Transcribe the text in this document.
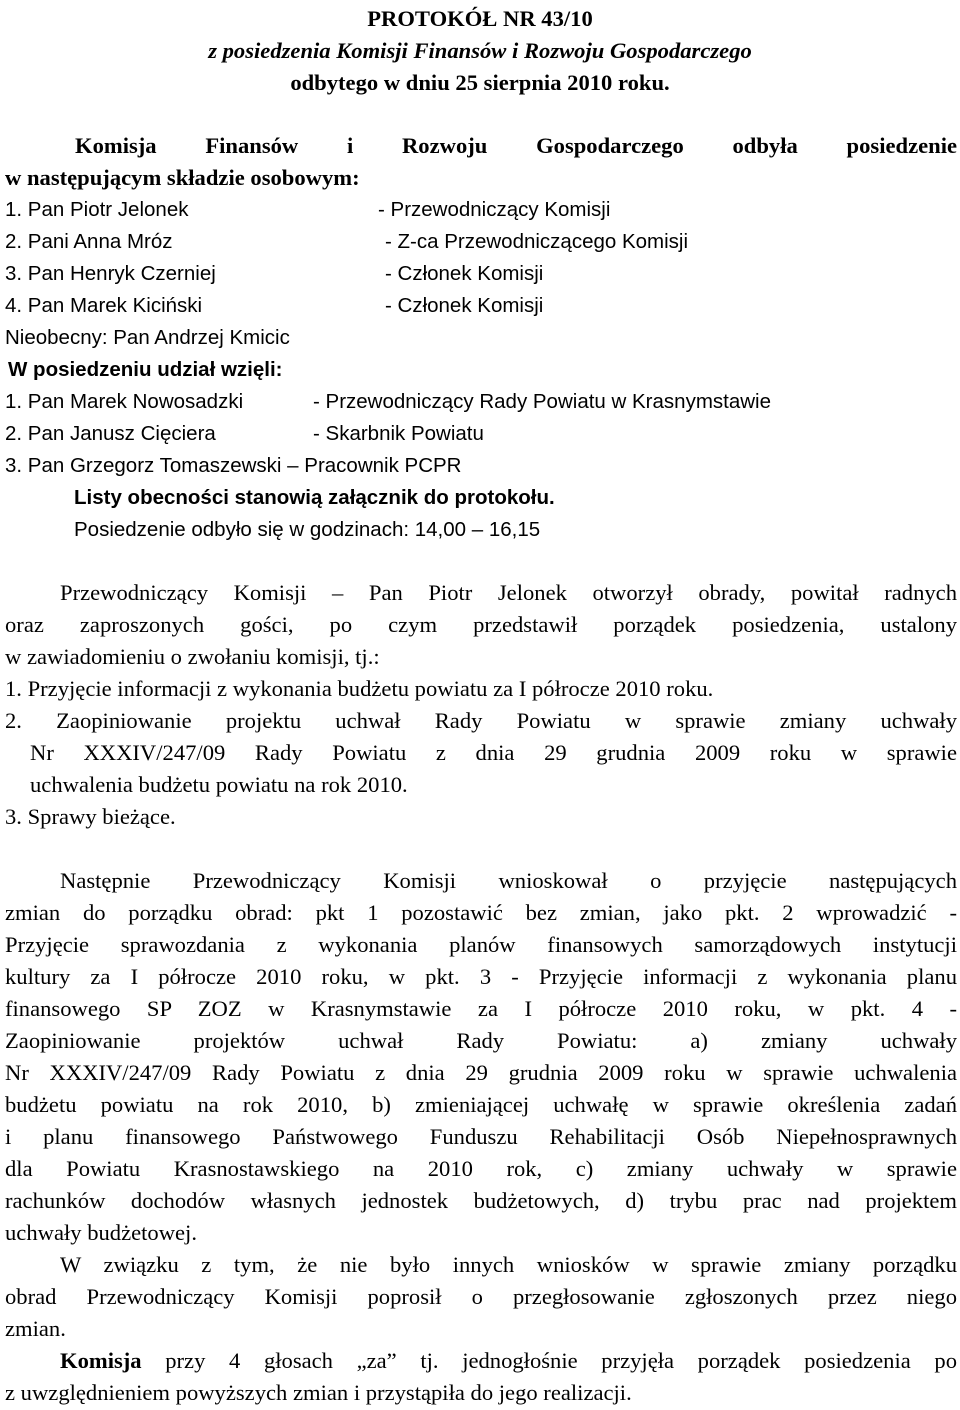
PROTOKÓŁ NR 43/10
z posiedzenia Komisji Finansów i Rozwoju Gospodarczego
odbytego w dniu 25 sierpnia 2010 roku.
Komisja Finansów i Rozwoju Gospodarczego odbyła posiedzenie
w następującym składzie osobowym:
1. Pan Piotr Jelonek	- Przewodniczący Komisji
2. Pani Anna Mróz	- Z-ca Przewodniczącego Komisji
3. Pan Henryk Czerniej	- Członek Komisji
4. Pan Marek Kiciński	- Członek Komisji
Nieobecny: Pan Andrzej Kmicic
W posiedzeniu udział wzięli:
1. Pan Marek Nowosadzki	- Przewodniczący Rady Powiatu w Krasnymstawie
2. Pan Janusz Cięciera	- Skarbnik Powiatu
3. Pan Grzegorz Tomaszewski – Pracownik PCPR
Listy obecności stanowią załącznik do protokołu.
Posiedzenie odbyło się w godzinach: 14,00 – 16,15
Przewodniczący Komisji – Pan Piotr Jelonek otworzył obrady, powitał radnych
oraz zaproszonych gości, po czym przedstawił porządek posiedzenia, ustalony
w zawiadomieniu o zwołaniu komisji, tj.:
1. Przyjęcie informacji z wykonania budżetu powiatu za I półrocze 2010 roku.
2. Zaopiniowanie projektu uchwał Rady Powiatu w sprawie zmiany uchwały
Nr XXXIV/247/09 Rady Powiatu z dnia 29 grudnia 2009 roku w sprawie
uchwalenia budżetu powiatu na rok 2010.
3. Sprawy bieżące.
Następnie Przewodniczący Komisji wnioskował o przyjęcie następujących
zmian do porządku obrad: pkt 1 pozostawić bez zmian, jako pkt. 2 wprowadzić -
Przyjęcie sprawozdania z wykonania planów finansowych samorządowych instytucji
kultury za I półrocze 2010 roku, w pkt. 3 - Przyjęcie informacji z wykonania planu
finansowego SP ZOZ w Krasnymstawie za I półrocze 2010 roku, w pkt. 4 -
Zaopiniowanie projektów uchwał Rady Powiatu: a) zmiany uchwały
Nr XXXIV/247/09 Rady Powiatu z dnia 29 grudnia 2009 roku w sprawie uchwalenia
budżetu powiatu na rok 2010, b) zmieniającej uchwałę w sprawie określenia zadań
i planu finansowego Państwowego Funduszu Rehabilitacji Osób Niepełnosprawnych
dla Powiatu Krasnostawskiego na 2010 rok, c) zmiany uchwały w sprawie
rachunków dochodów własnych jednostek budżetowych, d) trybu prac nad projektem
uchwały budżetowej.
W związku z tym, że nie było innych wniosków w sprawie zmiany porządku
obrad Przewodniczący Komisji poprosił o przegłosowanie zgłoszonych przez niego
zmian.
Komisja przy 4 głosach „za” tj. jednogłośnie przyjęła porządek posiedzenia po
z uwzględnieniem powyższych zmian i przystąpiła do jego realizacji.
